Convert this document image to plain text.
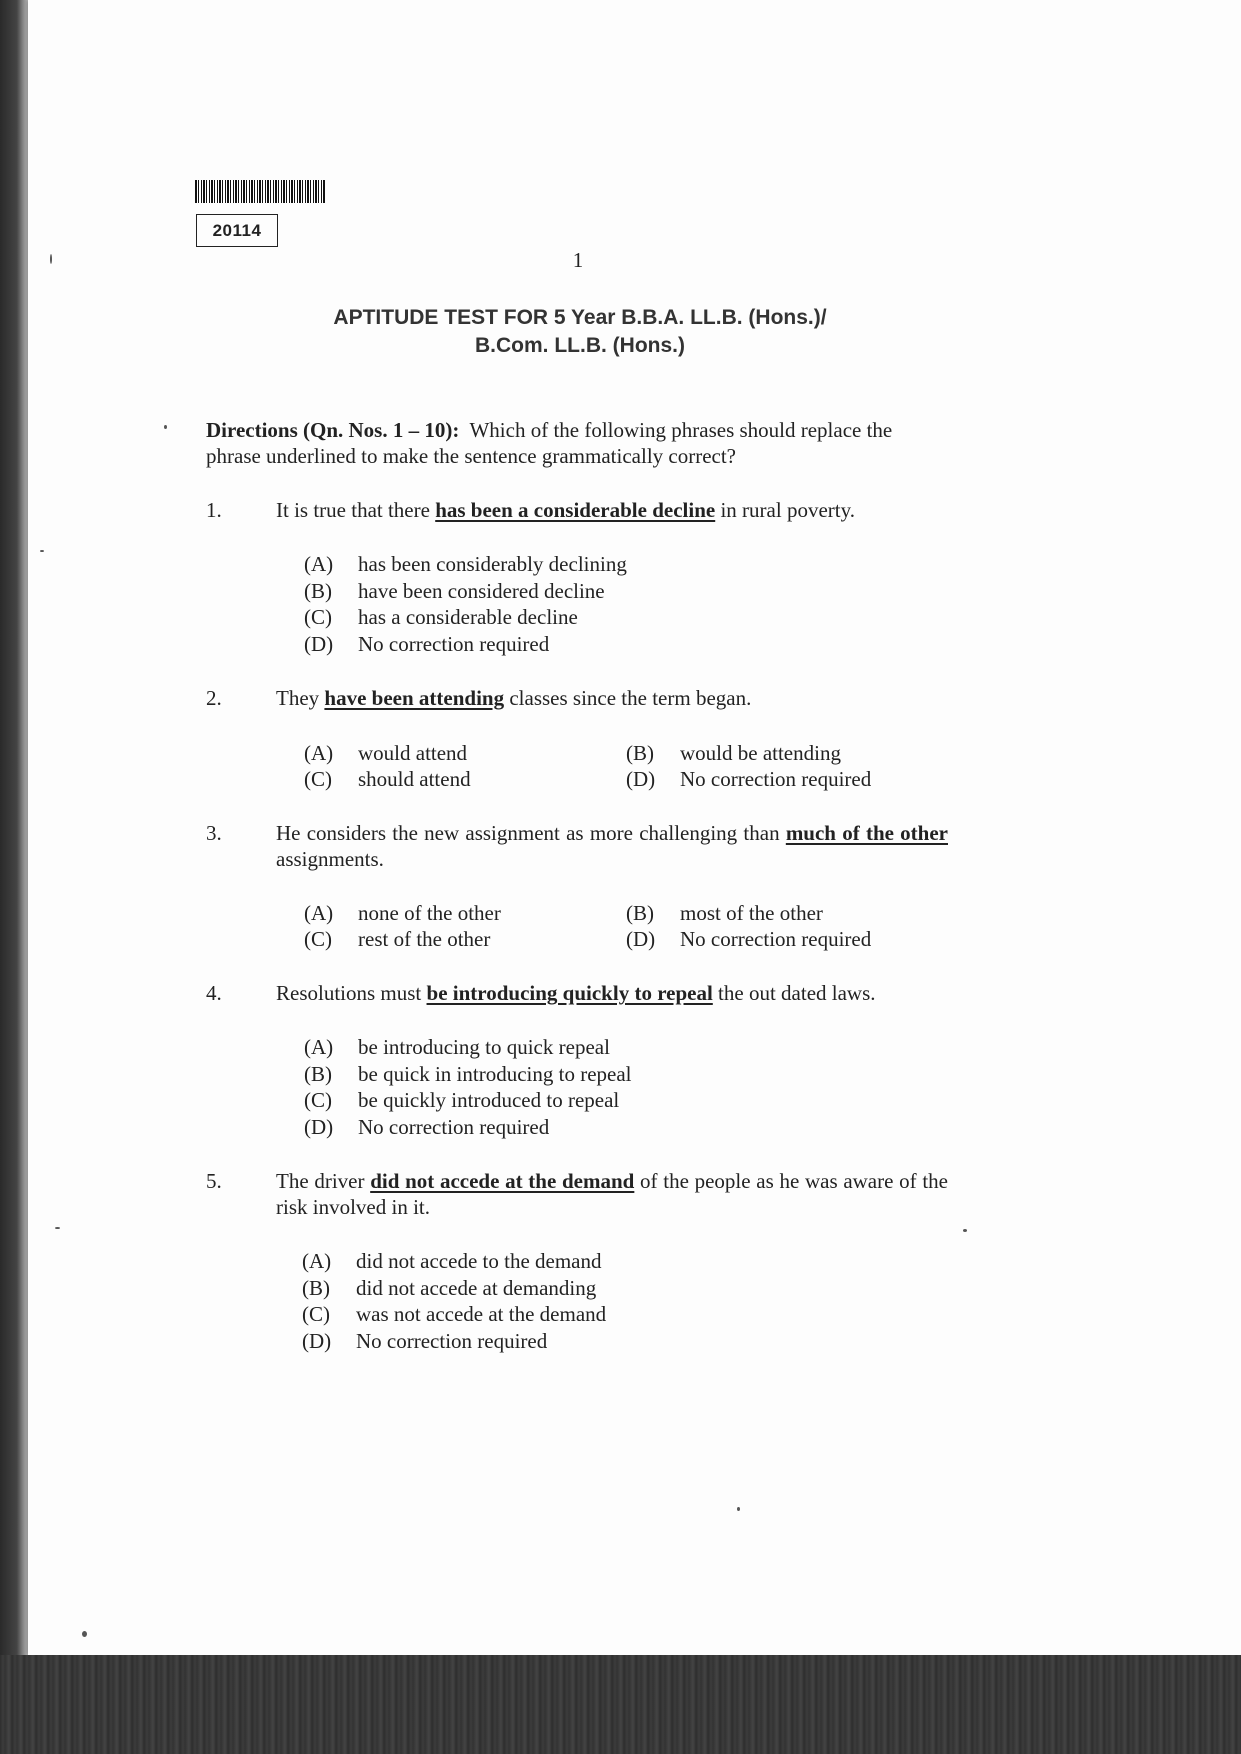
20114
1
APTITUDE TEST FOR 5 Year B.B.A. LL.B. (Hons.)/
B.Com. LL.B. (Hons.)
Directions (Qn. Nos. 1 – 10): Which of the following phrases should replace the phrase underlined to make the sentence grammatically correct?
1.	It is true that there has been a considerable decline in rural poverty.
(A) has been considerably declining
(B) have been considered decline
(C) has a considerable decline
(D) No correction required
2.	They have been attending classes since the term began.
(A) would attend	(B) would be attending
(C) should attend	(D) No correction required
3.	He considers the new assignment as more challenging than much of the other assignments.
(A) none of the other	(B) most of the other
(C) rest of the other	(D) No correction required
4.	Resolutions must be introducing quickly to repeal the out dated laws.
(A) be introducing to quick repeal
(B) be quick in introducing to repeal
(C) be quickly introduced to repeal
(D) No correction required
5.	The driver did not accede at the demand of the people as he was aware of the risk involved in it.
(A) did not accede to the demand
(B) did not accede at demanding
(C) was not accede at the demand
(D) No correction required
